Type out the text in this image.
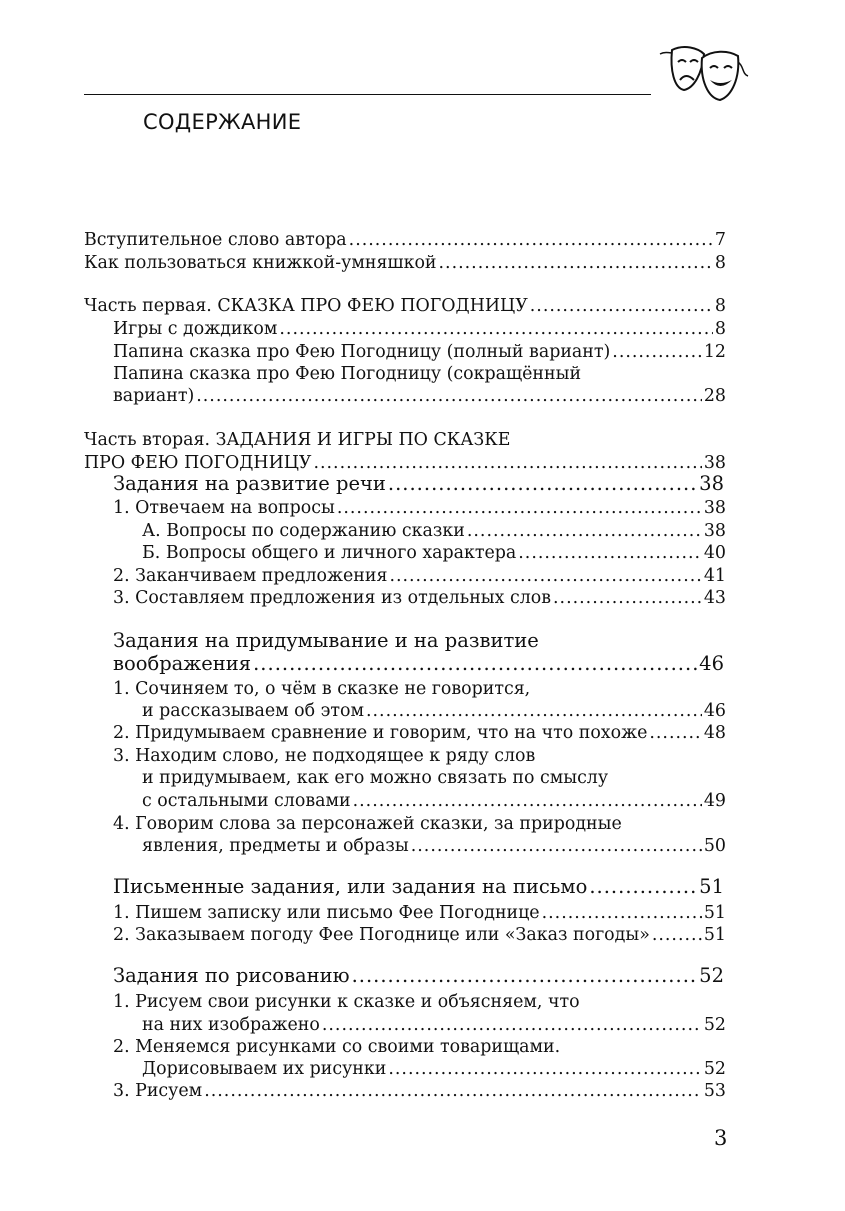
СОДЕРЖАНИЕ
Вступительное слово автора .....	7
Как пользоваться книжкой-умняшкой .....	8
Часть первая. СКАЗКА ПРО ФЕЮ ПОГОДНИЦУ .....	8
Игры с дождиком .....	8
Папина сказка про Фею Погодницу (полный вариант) .....	12
Папина сказка про Фею Погодницу (сокращённый
вариант) .....	28
Часть вторая. ЗАДАНИЯ И ИГРЫ ПО СКАЗКЕ
ПРО ФЕЮ ПОГОДНИЦУ .....	38
Задания на развитие речи .....	38
1. Отвечаем на вопросы .....	38
А. Вопросы по содержанию сказки .....	38
Б. Вопросы общего и личного характера .....	40
2. Заканчиваем предложения .....	41
3. Составляем предложения из отдельных слов .....	43
Задания на придумывание и на развитие
воображения .....	46
1. Сочиняем то, о чём в сказке не говорится,
и рассказываем об этом .....	46
2. Придумываем сравнение и говорим, что на что похоже .....	48
3. Находим слово, не подходящее к ряду слов
и придумываем, как его можно связать по смыслу
с остальными словами .....	49
4. Говорим слова за персонажей сказки, за природные
явления, предметы и образы .....	50
Письменные задания, или задания на письмо .....	51
1. Пишем записку или письмо Фее Погоднице .....	51
2. Заказываем погоду Фее Погоднице или «Заказ погоды» .....	51
Задания по рисованию .....	52
1. Рисуем свои рисунки к сказке и объясняем, что
на них изображено .....	52
2. Меняемся рисунками со своими товарищами.
Дорисовываем их рисунки .....	52
3. Рисуем .....	53
3
